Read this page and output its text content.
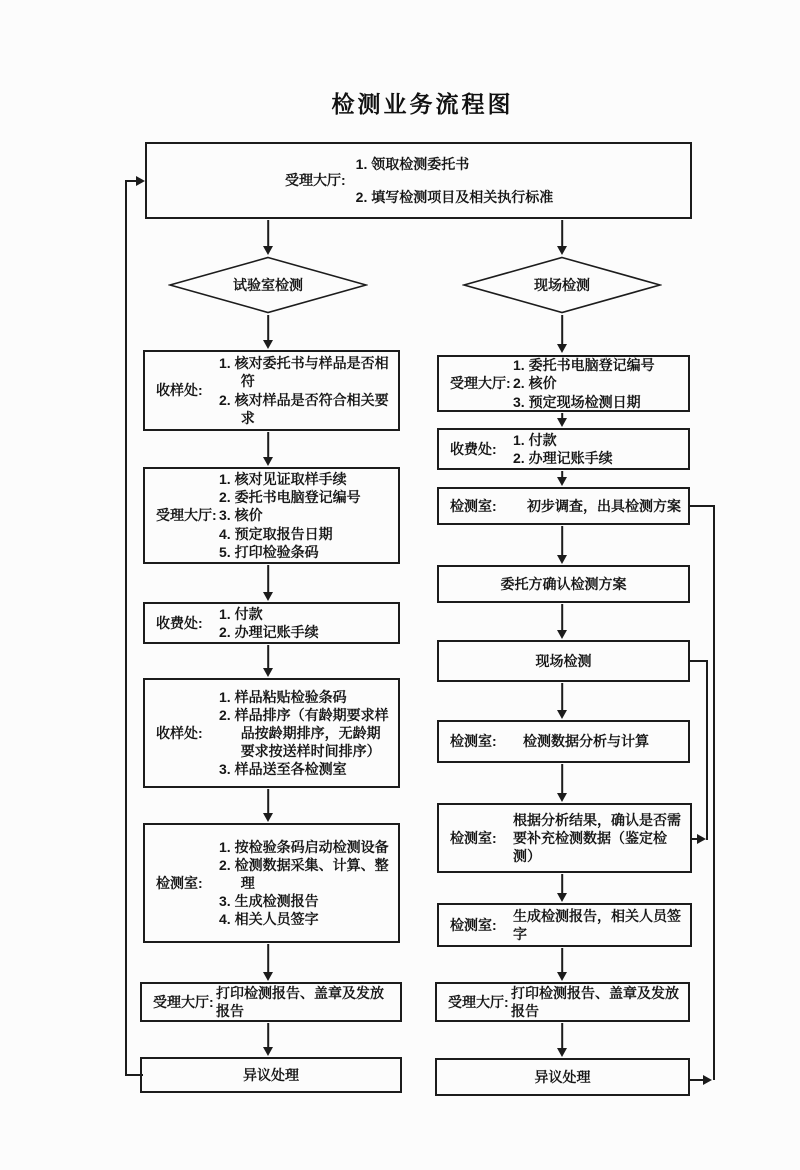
检测业务流程图
受理大厅:
1. 领取检测委托书
2. 填写检测项目及相关执行标准
试验室检测	现场检测
收样处:
1. 核对委托书与样品是否相符
2. 核对样品是否符合相关要求
受理大厅:
1. 核对见证取样手续
2. 委托书电脑登记编号
3. 核价
4. 预定取报告日期
5. 打印检验条码
收费处:
1. 付款
2. 办理记账手续
收样处:
1. 样品粘贴检验条码
2. 样品排序（有龄期要求样品按龄期排序，无龄期要求按送样时间排序）
3. 样品送至各检测室
检测室:
1. 按检验条码启动检测设备
2. 检测数据采集、计算、整理
3. 生成检测报告
4. 相关人员签字
受理大厅:
打印检测报告、盖章及发放报告
异议处理
受理大厅:
1. 委托书电脑登记编号
2. 核价
3. 预定现场检测日期
收费处:
1. 付款
2. 办理记账手续
检测室:	初步调查，出具检测方案
委托方确认检测方案
现场检测
检测室:	检测数据分析与计算
检测室:
根据分析结果，确认是否需要补充检测数据（鉴定检测）
检测室:
生成检测报告，相关人员签字
受理大厅:
打印检测报告、盖章及发放报告
异议处理
